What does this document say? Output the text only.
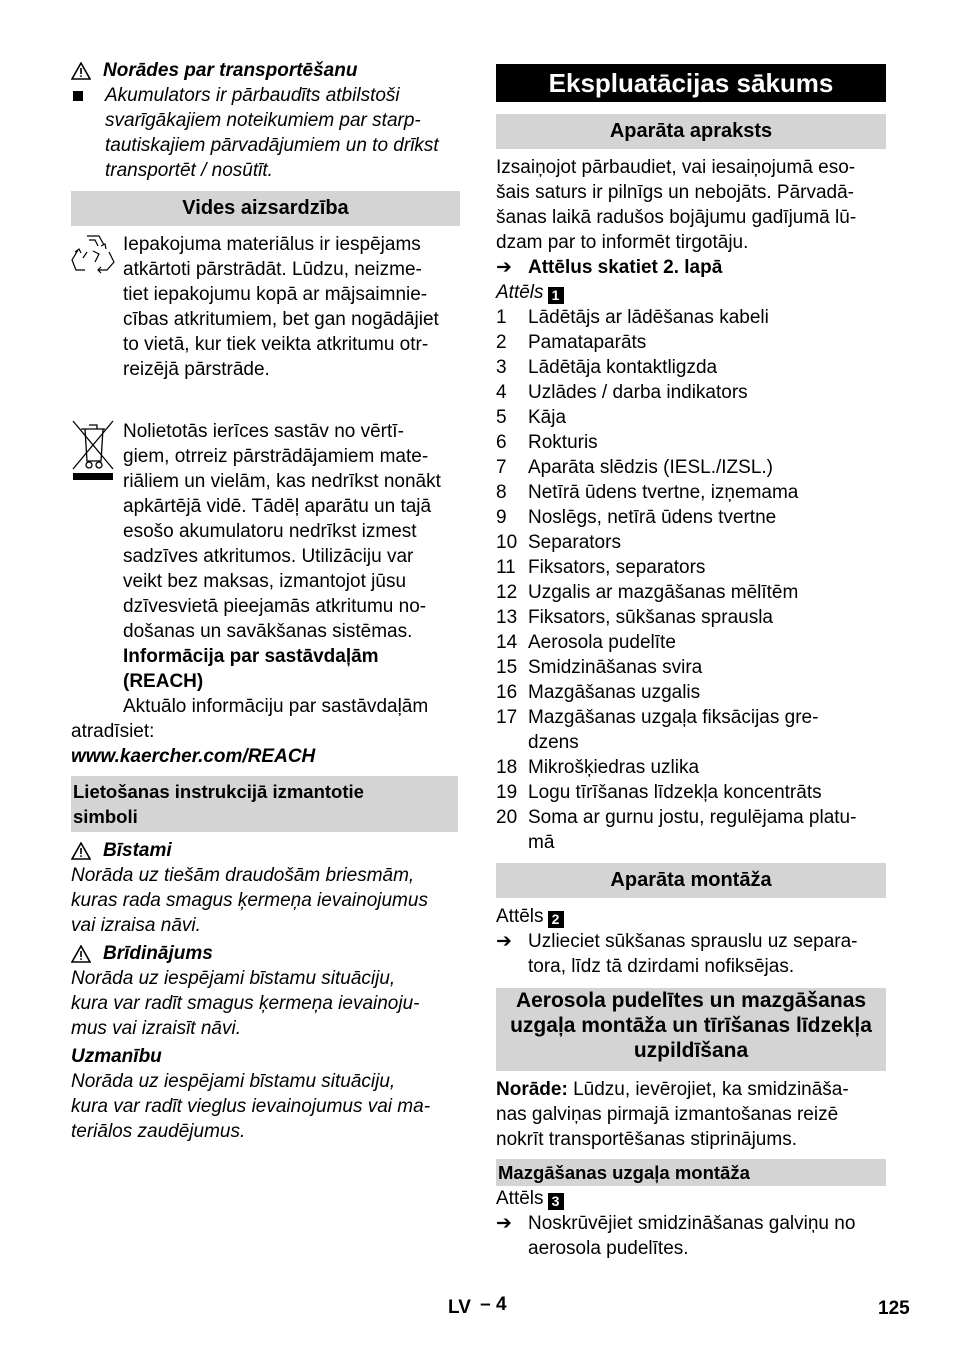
Norādes par transportēšanu

Akumulators ir pārbaudīts atbilstoši

svarīgākajiem noteikumiem par starp-

tautiskajiem pārvadājumiem un to drīkst

transportēt / nosūtīt.

Vides aizsardzība

Iepakojuma materiālus ir iespējams

atkārtoti pārstrādāt. Lūdzu, neizme-

tiet iepakojumu kopā ar mājsaimnie-

cības atkritumiem, bet gan nogādājiet

to vietā, kur tiek veikta atkritumu otr-

reizējā pārstrāde.

Nolietotās ierīces sastāv no vērtī-

giem, otrreiz pārstrādājamiem mate-

riāliem un vielām, kas nedrīkst nonākt

apkārtējā vidē. Tādēļ aparātu un tajā

esošo akumulatoru nedrīkst izmest

sadzīves atkritumos. Utilizāciju var

veikt bez maksas, izmantojot jūsu

dzīvesvietā pieejamās atkritumu no-

došanas un savākšanas sistēmas.

Informācija par sastāvdaļām

(REACH)

Aktuālo informāciju par sastāvdaļām

atradīsiet:

www.kaercher.com/REACH

Lietošanas instrukcijā izmantotie
simboli
Bīstami

Norāda uz tiešām draudošām briesmām,

kuras rada smagus ķermeņa ievainojumus

vai izraisa nāvi.

Brīdinājums

Norāda uz iespējami bīstamu situāciju,

kura var radīt smagus ķermeņa ievainoju-

mus vai izraisīt nāvi.

Uzmanību

Norāda uz iespējami bīstamu situāciju,

kura var radīt vieglus ievainojumus vai ma-

teriālos zaudējumus.

Ekspluatācijas sākums
Aparāta apraksts

Izsaiņojot pārbaudiet, vai iesaiņojumā eso-

šais saturs ir pilnīgs un nebojāts. Pārvadā-

šanas laikā radušos bojājumu gadījumā lū-

dzam par to informēt tirgotāju.

➔ Attēlus skatiet 2. lapā

Attēls 1

1	Lādētājs ar lādēšanas kabeli

2	Pamataparāts

3	Lādētāja kontaktligzda

4	Uzlādes / darba indikators

5	Kāja

6	Rokturis

7	Aparāta slēdzis (IESL./IZSL.)

8	Netīrā ūdens tvertne, izņemama

9	Noslēgs, netīrā ūdens tvertne

10 Separators

11 Fiksators, separators

12 Uzgalis ar mazgāšanas mēlītēm

13 Fiksators, sūkšanas sprausla

14 Aerosola pudelīte

15 Smidzināšanas svira

16 Mazgāšanas uzgalis

17 Mazgāšanas uzgaļa fiksācijas gre-

dzens

18 Mikrošķiedras uzlika

19 Logu tīrīšanas līdzekļa koncentrāts

20 Soma ar gurnu jostu, regulējama platu-

mā

Aparāta montāža

Attēls 2

➔ Uzlieciet sūkšanas sprauslu uz separa-

tora, līdz tā dzirdami nofiksējas.

Aerosola pudelītes un mazgāšanas
uzgaļa montāža un tīrīšanas līdzekļa
uzpildīšana

Norāde: Lūdzu, ievērojiet, ka smidzināša-

nas galviņas pirmajā izmantošanas reizē

nokrīt transportēšanas stiprinājums.

Mazgāšanas uzgaļa montāža

Attēls 3

➔ Noskrūvējiet smidzināšanas galviņu no

aerosola pudelītes.

LV – 4	125
